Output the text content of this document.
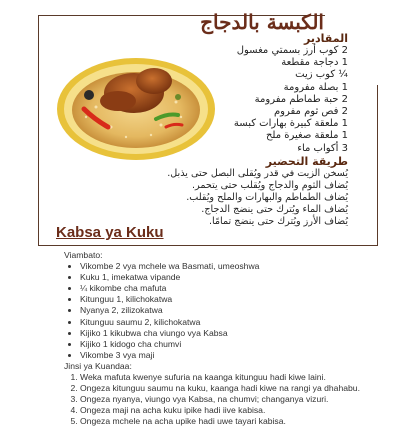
الكبسة بالدجاج
المقادير
2 كوب أرز بسمتي مغسول
1 دجاجة مقطعة
¼ كوب زيت
1 بصلة مفرومة
2 حبة طماطم مفرومة
2 فص ثوم مفروم
1 ملعقة كبيرة بهارات كبسة
1 ملعقة صغيرة ملح
3 أكواب ماء
طريقة التحضير
يُسخن الزيت في قدر ويُقلى البصل حتى يذبل.
يُضاف الثوم والدجاج ويُقلب حتى يتحمر.
يُضاف الطماطم والبهارات والملح ويُقلب.
يُضاف الماء ويُترك حتى ينضج الدجاج.
يُضاف الأرز ويُترك حتى ينضج تمامًا.
Kabsa ya Kuku
Viambato:
• Vikombe 2 vya mchele wa Basmati, umeoshwa
• Kuku 1, imekatwa vipande
• ¼ kikombe cha mafuta
• Kitunguu 1, kilichokatwa
• Nyanya 2, zilizokatwa
• Kitunguu saumu 2, kilichokatwa
• Kijiko 1 kikubwa cha viungo vya Kabsa
• Kijiko 1 kidogo cha chumvi
• Vikombe 3 vya maji
Jinsi ya Kuandaa:
1. Weka mafuta kwenye sufuria na kaanga kitunguu hadi kiwe laini.
2. Ongeza kitunguu saumu na kuku, kaanga hadi kiwe na rangi ya dhahabu.
3. Ongeza nyanya, viungo vya Kabsa, na chumvi; changanya vizuri.
4. Ongeza maji na acha kuku ipike hadi iive kabisa.
5. Ongeza mchele na acha upike hadi uwe tayari kabisa.
